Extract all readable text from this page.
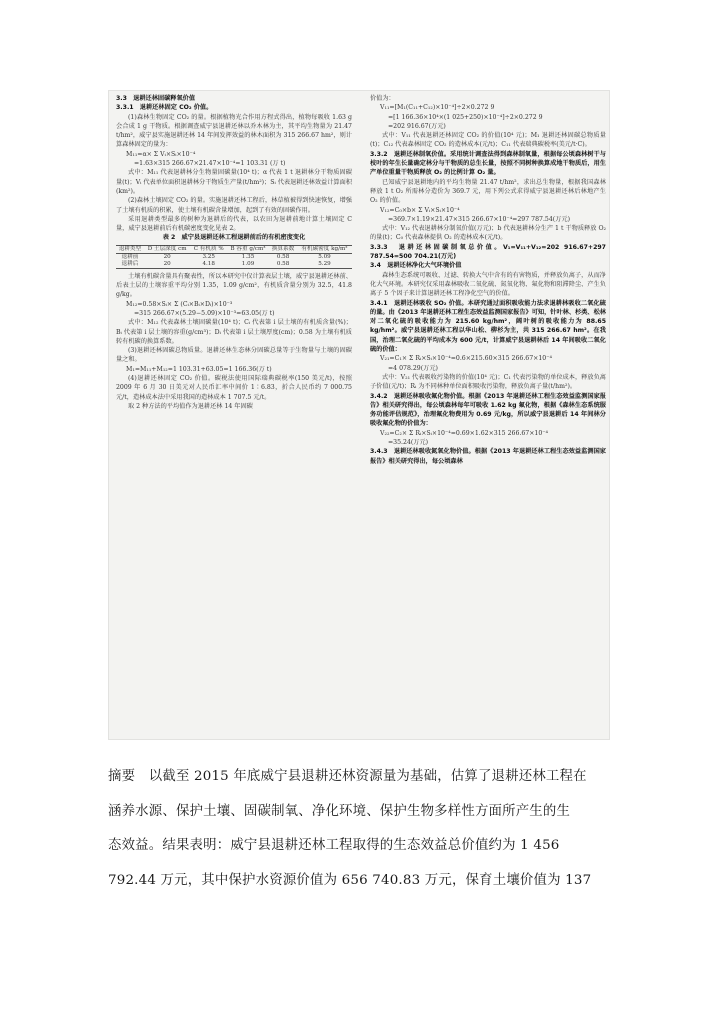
3.3　退耕还林固碳释氧价值

3.3.1　退耕还林固定 CO₂ 价值。

(1)森林生物固定 CO₂ 的量。根据植物光合作用方程式得出，植物每吸收 1.63 g 会合成 1 g 干物质。根据调查威宁县退耕还林以乔木林为主，其平均生物量为 21.47 t/hm²，威宁县实施退耕还林 14 年间发挥效益的林木面积为 315 266.67 hm²，则计算森林固定的量为：

M₁₁=α× Σ Vᵢ×Sᵢ×10⁻⁴

=1.63×315 266.67×21.47×10⁻⁴=1 103.31 (万 t)

式中：M₁₁ 代表退耕林分生物量固碳量(10⁴ t)；α 代表 1 t 退耕林分干物质固碳量(t)；Vᵢ 代表单位面积退耕林分干物质生产量(t/hm²)；Sᵢ 代表退耕还林效益计算面积(km²)。

(2)森林土壤固定 CO₂ 的量。实施退耕还林工程后，林草植被得到快速恢复，增强了土壤有机质的积累，使土壤有机碳含量增加，起到了有效的固碳作用。

采用退耕类型最多的树种为退耕后的代表，以农田为退耕前地计算土壤固定 C 量，威宁县退耕前后有机碳密度变化见表 2。

表 2　威宁县退耕还林工程退耕前后的有机密度变化

退耕类型	D 土层深度 cm	C 有机质 %	B 容重 g/cm³	换算系数	有机碳密度 kg/m²
退耕前	20	3.25	1.35	0.58	5.09
退耕后	20	4.18	1.09	0.58	5.29

土壤有机碳含量具有聚表性，所以本研究中仅计算表层土壤，威宁县退耕还林前、后表土层的土壤容重平均分别 1.35，1.09 g/cm²，有机质含量分别为 32.5，41.8 g/kg。

M₁₂=0.58×Sᵢ× Σ (Cᵢ×Bᵢ×Dᵢ)×10⁻³

=315 266.67×(5.29−5.09)×10⁻³=63.05(万 t)

式中：M₁₂ 代表森林土壤固碳量(10⁴ t)；Cᵢ 代表第 i 层土壤的有机质含量(%)；Bᵢ 代表第 i 层土壤的容重(g/cm³)；Dᵢ 代表第 i 层土壤厚度(cm)；0.58 为土壤有机质转有机碳的换算系数。

(3)退耕还林固碳总物质量。退耕还林生态林分固碳总量等于生物量与土壤的固碳量之和。

M₁=M₁₁+M₁₂=1 103.31+63.05=1 166.36(万 t)

(4)退耕还林固定 CO₂ 价值。碳税法使用国际瑞典碳税率(150 美元/t)，按照 2009 年 6 月 30 日美元对人民币汇率中间价 1∶6.83，折合人民币约 7 000.75 元/t，造林成本法中采用我国的造林成本 1 707.5 元/t。

取 2 种方法的平均值作为退耕还林 14 年固碳

价值为：

V₁₁=[M₁(C₁₁+C₁₂)×10⁻⁴]÷2×0.272 9

=[1 166.36×10⁴×(1 025+250)×10⁻⁴]÷2×0.272 9

=202 916.67(万元)

式中：V₁₁ 代表退耕还林固定 CO₂ 的价值(10⁴ 元)；M₁ 退耕还林固碳总物质量(t)；C₁₂ 代表森林固定 CO₂ 的造林成本(元/t)；C₁₁ 代表瑞典碳税率(美元/t·C)。

3.3.2　退耕还林制氧价值。采用统计调查法得到森林制氧量，根据每公顷森林树干与枝叶的年生长量确定林分与干物质的总生长量，按照不同树种换算成地干物质后，用生产单位重量干物质释放 O₂ 的比例计算 O₂ 量。

已知威宁县退耕地内的平均生物量 21.47 t/hm²，求出总生物量，根据我国森林释放 1 t O₂ 所需林分造价为 369.7 元，用下列公式求得威宁县退耕还林后林地产生 O₂ 的价值。

V₁₂=C₀×b× Σ Vᵢ×Sᵢ×10⁻⁴

=369.7×1.19×21.47×315 266.67×10⁻⁴=297 787.54(万元)

式中：V₁₂ 代表退耕林分制氧价值(万元)；b 代表退耕林分生产 1 t 干物质释放 O₂ 的量(t)；C₀ 代表森林提供 O₂ 的造林成本(元/t)。

3.3.3　退耕还林固碳制氧总价值。V₁=V₁₁+V₁₂=202 916.67+297 787.54=500 704.21(万元)

3.4　退耕还林净化大气环境价值

森林生态系统可吸收、过滤、转换大气中含有的有害物质，并释放负离子，从而净化大气环境。本研究仅采用森林吸收二氧化硫、氮氧化物、氟化物和阻滞降尘、产生负离子 5 个因子来计算退耕还林工程净化空气的价值。

3.4.1　退耕还林吸收 SO₂ 价值。本研究通过面积吸收能力法求退耕林吸收二氧化硫的量。由《2013 年退耕还林工程生态效益监测国家报告》可知，针叶林、杉类、松林对二氧化硫的吸收能力为 215.60 kg/hm²，阔叶树的吸收能力为 88.65 kg/hm²。威宁县退耕还林工程以华山松、柳杉为主，共 315 266.67 hm²。在我国，治理二氧化硫的平均成本为 600 元/t，计算威宁县退耕林后 14 年间吸收二氧化硫的价值：

V₂₁=C₁× Σ Rᵢ×Sᵢ×10⁻⁴=0.6×215.60×315 266.67×10⁻⁴

=4 078.29(万元)

式中：V₂₁ 代表吸收污染物的价值(10⁴ 元)；C₁ 代表污染物的单位成本，释放负离子价值(元/t)；Rᵢ 为不同林种单位面积吸收污染物，释放负离子量(t/hm²)。

3.4.2　退耕还林吸收氟化物价值。根据《2013 年退耕还林工程生态效益监测国家报告》相关研究得出，每公顷森林每年可吸收 1.62 kg 氟化物，根据《森林生态系统服务功能评估规范》，治理氟化物费用为 0.69 元/kg，所以威宁县退耕后 14 年间林分吸收氟化物的价值为：

V₂₂=C₂× Σ Rᵢ×Sᵢ×10⁻⁴=0.69×1.62×315 266.67×10⁻⁴

=35.24(万元)

3.4.3　退耕还林吸收氮氧化物价值。根据《2013 年退耕还林工程生态效益监测国家报告》相关研究得出，每公顷森林

摘要　以截至 2015 年底威宁县退耕还林资源量为基础，估算了退耕还林工程在
涵养水源、保护土壤、固碳制氧、净化环境、保护生物多样性方面所产生的生
态效益。结果表明：威宁县退耕还林工程取得的生态效益总价值约为 1 456
792.44 万元，其中保护水资源价值为 656 740.83 万元，保育土壤价值为 137
